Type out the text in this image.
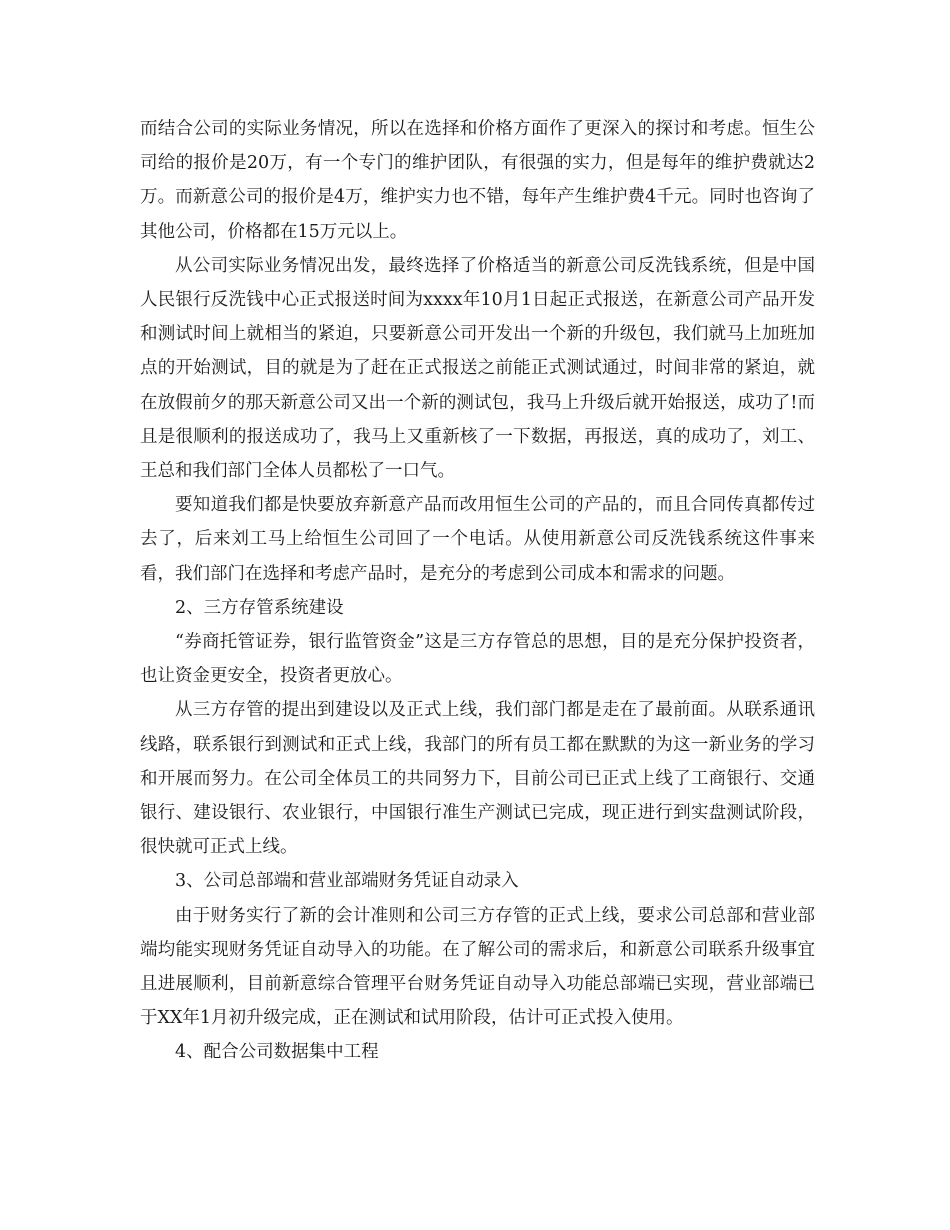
而结合公司的实际业务情况，所以在选择和价格方面作了更深入的探讨和考虑。恒生公司给的报价是20万，有一个专门的维护团队，有很强的实力，但是每年的维护费就达2万。而新意公司的报价是4万，维护实力也不错，每年产生维护费4千元。同时也咨询了其他公司，价格都在15万元以上。

从公司实际业务情况出发，最终选择了价格适当的新意公司反洗钱系统，但是中国人民银行反洗钱中心正式报送时间为xxxx年10月1日起正式报送，在新意公司产品开发和测试时间上就相当的紧迫，只要新意公司开发出一个新的升级包，我们就马上加班加点的开始测试，目的就是为了赶在正式报送之前能正式测试通过，时间非常的紧迫，就在放假前夕的那天新意公司又出一个新的测试包，我马上升级后就开始报送，成功了!而且是很顺利的报送成功了，我马上又重新核了一下数据，再报送，真的成功了，刘工、王总和我们部门全体人员都松了一口气。

要知道我们都是快要放弃新意产品而改用恒生公司的产品的，而且合同传真都传过去了，后来刘工马上给恒生公司回了一个电话。从使用新意公司反洗钱系统这件事来看，我们部门在选择和考虑产品时，是充分的考虑到公司成本和需求的问题。

2、三方存管系统建设

“券商托管证券，银行监管资金”这是三方存管总的思想，目的是充分保护投资者，也让资金更安全，投资者更放心。

从三方存管的提出到建设以及正式上线，我们部门都是走在了最前面。从联系通讯线路，联系银行到测试和正式上线，我部门的所有员工都在默默的为这一新业务的学习和开展而努力。在公司全体员工的共同努力下，目前公司已正式上线了工商银行、交通银行、建设银行、农业银行，中国银行准生产测试已完成，现正进行到实盘测试阶段，很快就可正式上线。

3、公司总部端和营业部端财务凭证自动录入

由于财务实行了新的会计准则和公司三方存管的正式上线，要求公司总部和营业部端均能实现财务凭证自动导入的功能。在了解公司的需求后，和新意公司联系升级事宜且进展顺利，目前新意综合管理平台财务凭证自动导入功能总部端已实现，营业部端已于XX年1月初升级完成，正在测试和试用阶段，估计可正式投入使用。

4、配合公司数据集中工程
